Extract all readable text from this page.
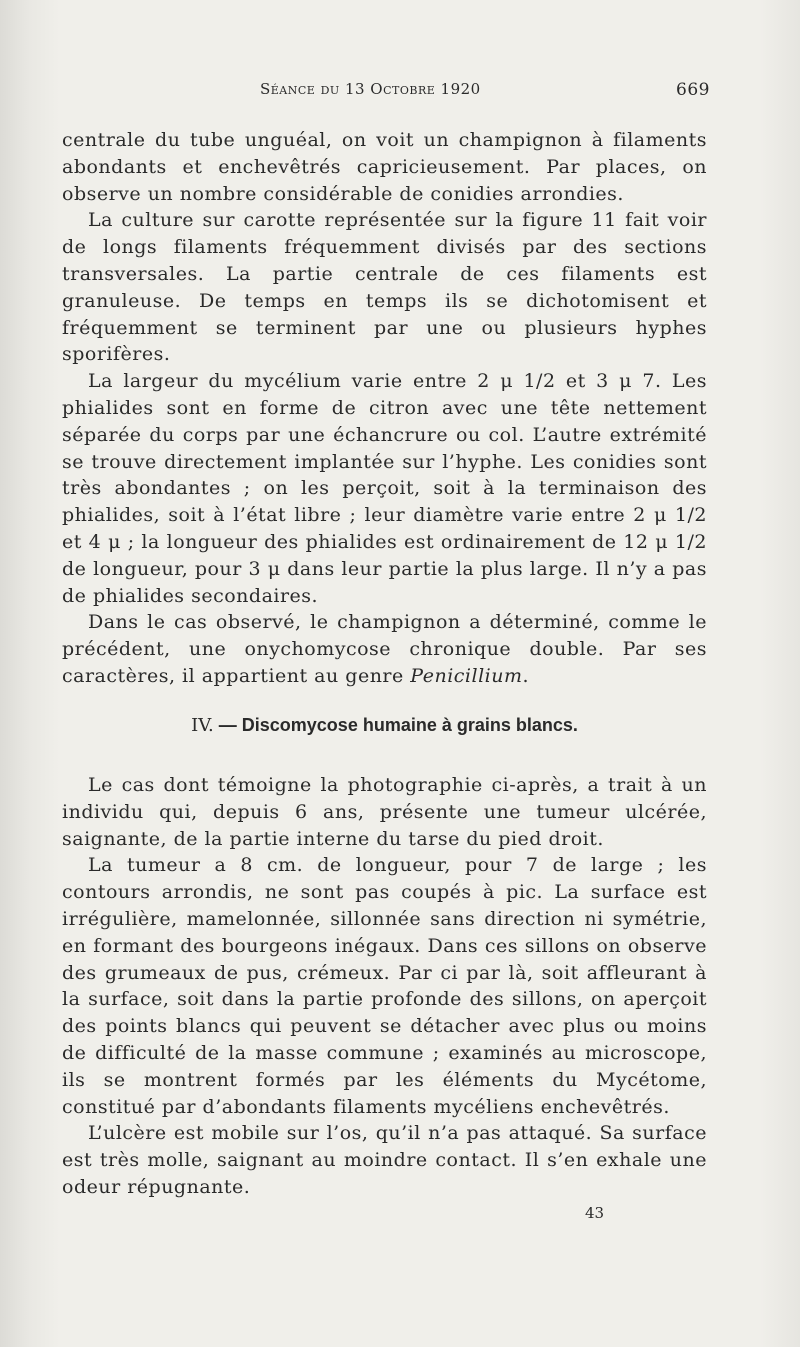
Séance du 13 Octobre 1920	669

centrale du tube unguéal, on voit un champignon à filaments abondants et enchevêtrés capricieusement. Par places, on observe un nombre considérable de conidies arrondies.

La culture sur carotte représentée sur la figure 11 fait voir de longs filaments fréquemment divisés par des sections transversales. La partie centrale de ces filaments est granuleuse. De temps en temps ils se dichotomisent et fréquemment se terminent par une ou plusieurs hyphes sporifères.

La largeur du mycélium varie entre 2 μ 1/2 et 3 μ 7. Les phialides sont en forme de citron avec une tête nettement séparée du corps par une échancrure ou col. L’autre extrémité se trouve directement implantée sur l’hyphe. Les conidies sont très abondantes ; on les perçoit, soit à la terminaison des phialides, soit à l’état libre ; leur diamètre varie entre 2 μ 1/2 et 4 μ ; la longueur des phialides est ordinairement de 12 μ 1/2 de longueur, pour 3 μ dans leur partie la plus large. Il n’y a pas de phialides secondaires.

Dans le cas observé, le champignon a déterminé, comme le précédent, une onychomycose chronique double. Par ses caractères, il appartient au genre Penicillium.

IV. — Discomycose humaine à grains blancs.

Le cas dont témoigne la photographie ci-après, a trait à un individu qui, depuis 6 ans, présente une tumeur ulcérée, saignante, de la partie interne du tarse du pied droit.

La tumeur a 8 cm. de longueur, pour 7 de large ; les contours arrondis, ne sont pas coupés à pic. La surface est irrégulière, mamelonnée, sillonnée sans direction ni symétrie, en formant des bourgeons inégaux. Dans ces sillons on observe des grumeaux de pus, crémeux. Par ci par là, soit affleurant à la surface, soit dans la partie profonde des sillons, on aperçoit des points blancs qui peuvent se détacher avec plus ou moins de difficulté de la masse commune ; examinés au microscope, ils se montrent formés par les éléments du Mycétome, constitué par d’abondants filaments mycéliens enchevêtrés.

L’ulcère est mobile sur l’os, qu’il n’a pas attaqué. Sa surface est très molle, saignant au moindre contact. Il s’en exhale une odeur répugnante.

43
